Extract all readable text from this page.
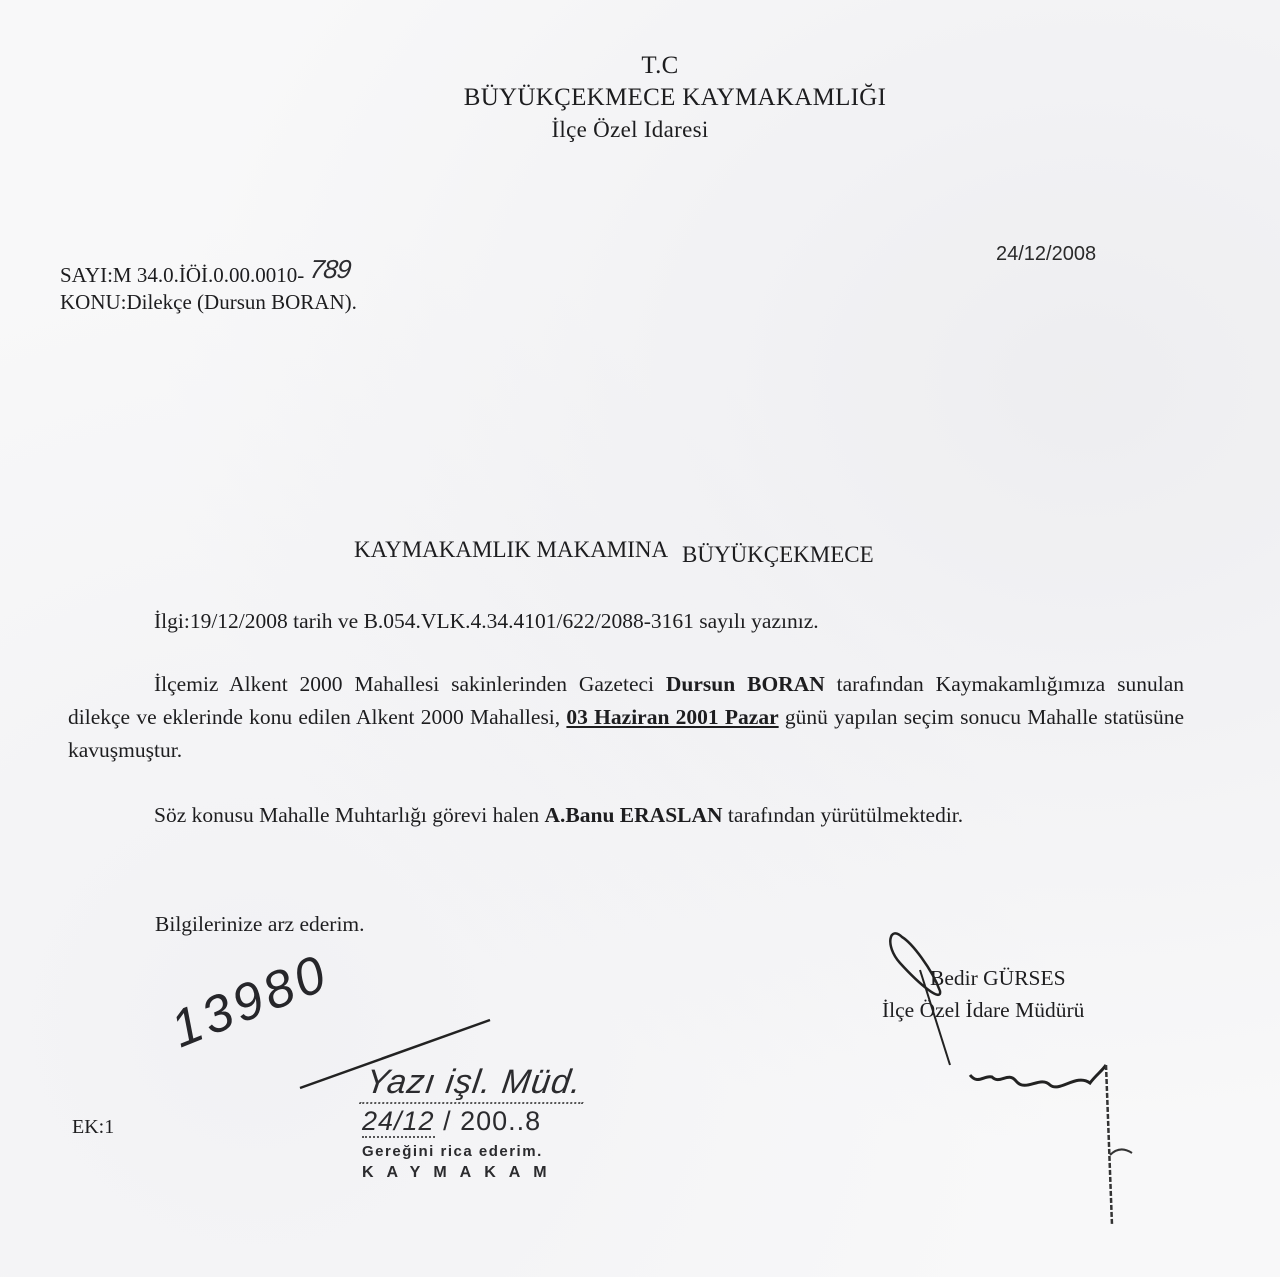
T.C
BÜYÜKÇEKMECE KAYMAKAMLIĞI
İlçe Özel Idaresi
SAYI:M 34.0.İÖİ.0.00.0010- 789
KONU:Dilekçe (Dursun BORAN).
24/12/2008
KAYMAKAMLIK MAKAMINA BÜYÜKÇEKMECE
İlgi:19/12/2008 tarih ve B.054.VLK.4.34.4101/622/2088-3161 sayılı yazınız.
İlçemiz Alkent 2000 Mahallesi sakinlerinden Gazeteci Dursun BORAN tarafından Kaymakamlığımıza sunulan dilekçe ve eklerinde konu edilen Alkent 2000 Mahallesi, 03 Haziran 2001 Pazar günü yapılan seçim sonucu Mahalle statüsüne kavuşmuştur.
Söz konusu Mahalle Muhtarlığı görevi halen A.Banu ERASLAN tarafından yürütülmektedir.
Bilgilerinize arz ederim.
Bedir GÜRSES
İlçe Özel İdare Müdürü
13980
EK:1
Yazı işl. Müd.
24/12 / 200..8
Gereğini rica ederim.
KAYMAKAM
